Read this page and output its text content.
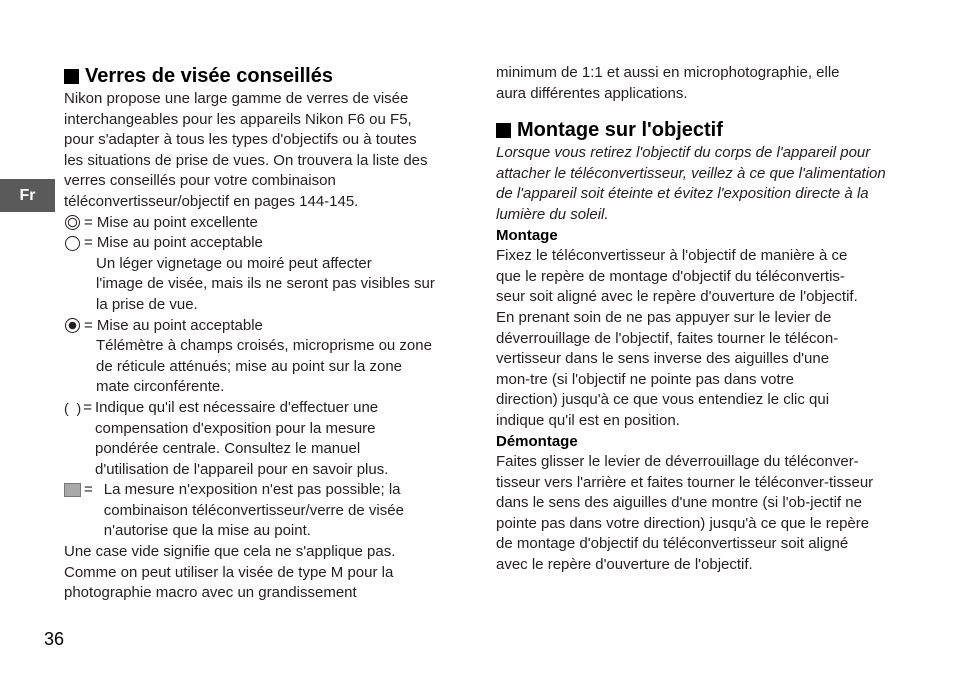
Fr
Verres de visée conseillés

Nikon propose une large gamme de verres de visée

interchangeables pour les appareils Nikon F6 ou F5,

pour s'adapter à tous les types d'objectifs ou à toutes

les situations de prise de vues. On trouvera la liste des

verres conseillés pour votre combinaison

téléconvertisseur/objectif en pages 144-145.

= Mise au point excellente
= Mise au point acceptable

Un léger vignetage ou moiré peut affecter

l'image de visée, mais ils ne seront pas visibles sur

la prise de vue.

= Mise au point acceptable

Télémètre à champs croisés, microprisme ou zone

de réticule atténués; mise au point sur la zone

mate circonférente.

( ) = Indique qu'il est nécessaire d'effectuer une

compensation d'exposition pour la mesure

pondérée centrale. Consultez le manuel

d'utilisation de l'appareil pour en savoir plus.

= La mesure n'exposition n'est pas possible; la

combinaison téléconvertisseur/verre de visée

n'autorise que la mise au point.

Une case vide signifie que cela ne s'applique pas.

Comme on peut utiliser la visée de type M pour la

photographie macro avec un grandissement

minimum de 1:1 et aussi en microphotographie, elle

aura différentes applications.

Montage sur l'objectif

Lorsque vous retirez l'objectif du corps de l'appareil pour

attacher le téléconvertisseur, veillez à ce que l'alimentation

de l'appareil soit éteinte et évitez l'exposition directe à la

lumière du soleil.

Montage

Fixez le téléconvertisseur à l'objectif de manière à ce

que le repère de montage d'objectif du téléconvertis-

seur soit aligné avec le repère d'ouverture de l'objectif.

En prenant soin de ne pas appuyer sur le levier de

déverrouillage de l'objectif, faites tourner le télécon-

vertisseur dans le sens inverse des aiguilles d'une

mon-tre (si l'objectif ne pointe pas dans votre

direction) jusqu'à ce que vous entendiez le clic qui

indique qu'il est en position.

Démontage

Faites glisser le levier de déverrouillage du téléconver-

tisseur vers l'arrière et faites tourner le téléconver-tisseur

dans le sens des aiguilles d'une montre (si l'ob-jectif ne

pointe pas dans votre direction) jusqu'à ce que le repère

de montage d'objectif du téléconvertisseur soit aligné

avec le repère d'ouverture de l'objectif.

36
